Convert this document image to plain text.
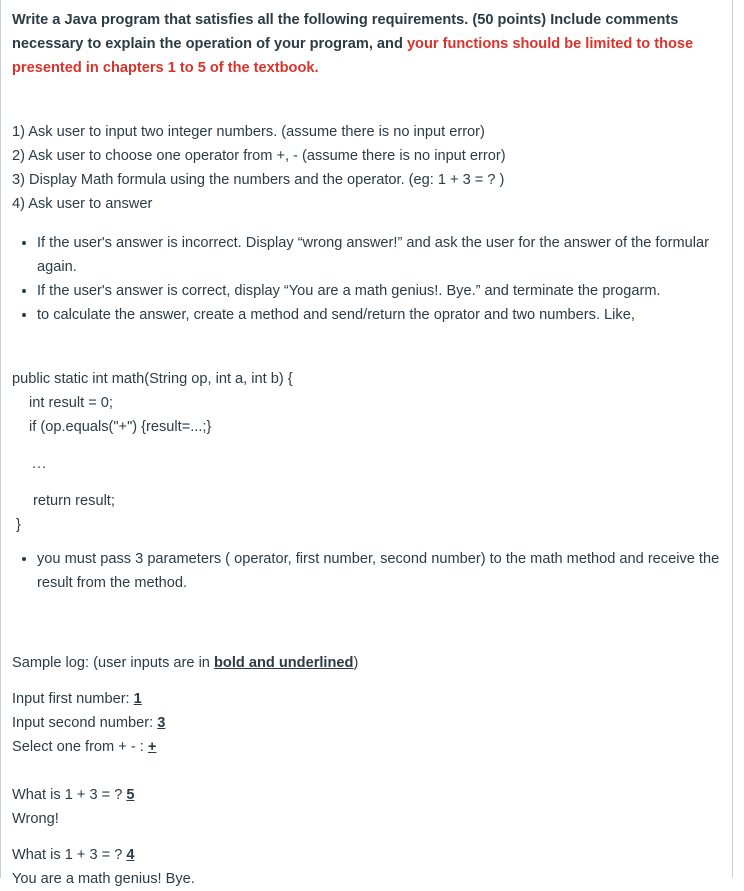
Write a Java program that satisfies all the following requirements. (50 points) Include comments necessary to explain the operation of your program, and your functions should be limited to those presented in chapters 1 to 5 of the textbook.

1) Ask user to input two integer numbers. (assume there is no input error)
2) Ask user to choose one operator from +, - (assume there is no input error)
3) Display Math formula using the numbers and the operator. (eg: 1 + 3 = ? )
4) Ask user to answer
• If the user's answer is incorrect. Display “wrong answer!” and ask the user for the answer of the formular again.
• If the user's answer is correct, display “You are a math genius!. Bye.” and terminate the progarm.
• to calculate the answer, create a method and send/return the oprator and two numbers. Like,
public static int math(String op, int a, int b) {
int result = 0;
if (op.equals("+") {result=...;}
...
return result;
}
• you must pass 3 parameters ( operator, first number, second number) to the math method and receive the result from the method.
Sample log: (user inputs are in bold and underlined)
Input first number: 1
Input second number: 3
Select one from + - : +
What is 1 + 3 = ? 5
Wrong!
What is 1 + 3 = ? 4
You are a math genius! Bye.
